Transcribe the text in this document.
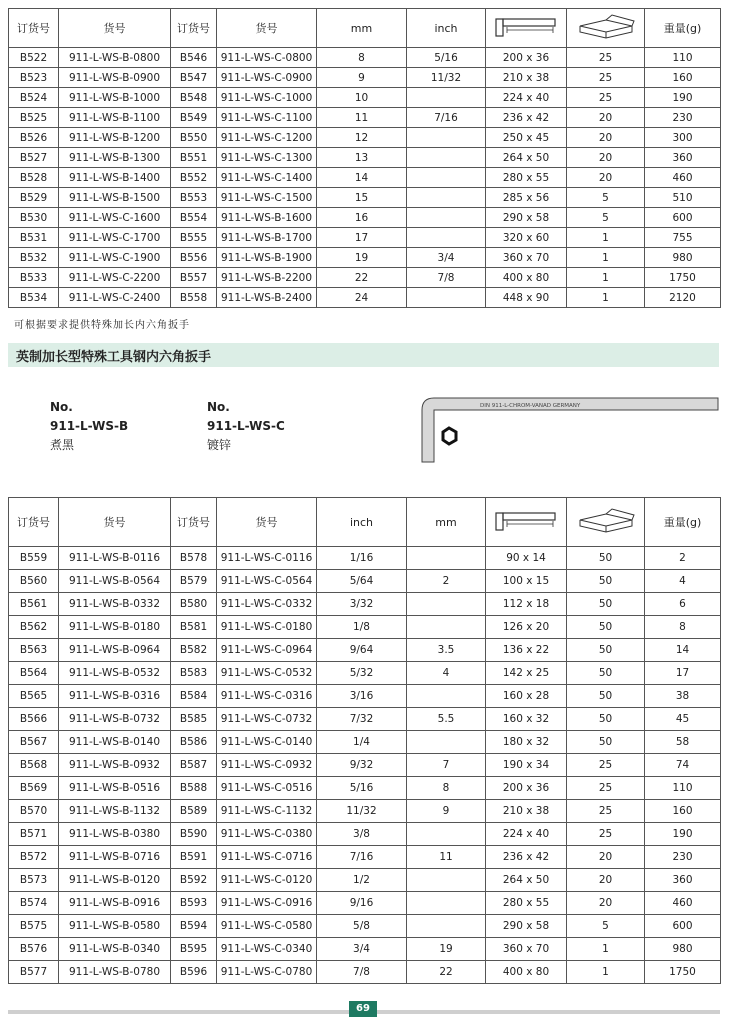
订货号	货号	订货号	货号	mm	inch			重量(g)
B522	911-L-WS-B-0800	B546	911-L-WS-C-0800	8	5/16	200 x 36	25	110
B523	911-L-WS-B-0900	B547	911-L-WS-C-0900	9	11/32	210 x 38	25	160
B524	911-L-WS-B-1000	B548	911-L-WS-C-1000	10		224 x 40	25	190
B525	911-L-WS-B-1100	B549	911-L-WS-C-1100	11	7/16	236 x 42	20	230
B526	911-L-WS-B-1200	B550	911-L-WS-C-1200	12		250 x 45	20	300
B527	911-L-WS-B-1300	B551	911-L-WS-C-1300	13		264 x 50	20	360
B528	911-L-WS-B-1400	B552	911-L-WS-C-1400	14		280 x 55	20	460
B529	911-L-WS-B-1500	B553	911-L-WS-C-1500	15		285 x 56	5	510
B530	911-L-WS-C-1600	B554	911-L-WS-B-1600	16		290 x 58	5	600
B531	911-L-WS-C-1700	B555	911-L-WS-B-1700	17		320 x 60	1	755
B532	911-L-WS-C-1900	B556	911-L-WS-B-1900	19	3/4	360 x 70	1	980
B533	911-L-WS-C-2200	B557	911-L-WS-B-2200	22	7/8	400 x 80	1	1750
B534	911-L-WS-C-2400	B558	911-L-WS-B-2400	24		448 x 90	1	2120
可根据要求提供特殊加长内六角扳手
英制加长型特殊工具钢内六角扳手
No.
911-L-WS-B
煮黑
No.
911-L-WS-C
镀锌
DIN 911-L-CHROM-VANAD GERMANY
订货号	货号	订货号	货号	inch	mm			重量(g)
B559	911-L-WS-B-0116	B578	911-L-WS-C-0116	1/16		90 x 14	50	2
B560	911-L-WS-B-0564	B579	911-L-WS-C-0564	5/64	2	100 x 15	50	4
B561	911-L-WS-B-0332	B580	911-L-WS-C-0332	3/32		112 x 18	50	6
B562	911-L-WS-B-0180	B581	911-L-WS-C-0180	1/8		126 x 20	50	8
B563	911-L-WS-B-0964	B582	911-L-WS-C-0964	9/64	3.5	136 x 22	50	14
B564	911-L-WS-B-0532	B583	911-L-WS-C-0532	5/32	4	142 x 25	50	17
B565	911-L-WS-B-0316	B584	911-L-WS-C-0316	3/16		160 x 28	50	38
B566	911-L-WS-B-0732	B585	911-L-WS-C-0732	7/32	5.5	160 x 32	50	45
B567	911-L-WS-B-0140	B586	911-L-WS-C-0140	1/4		180 x 32	50	58
B568	911-L-WS-B-0932	B587	911-L-WS-C-0932	9/32	7	190 x 34	25	74
B569	911-L-WS-B-0516	B588	911-L-WS-C-0516	5/16	8	200 x 36	25	110
B570	911-L-WS-B-1132	B589	911-L-WS-C-1132	11/32	9	210 x 38	25	160
B571	911-L-WS-B-0380	B590	911-L-WS-C-0380	3/8		224 x 40	25	190
B572	911-L-WS-B-0716	B591	911-L-WS-C-0716	7/16	11	236 x 42	20	230
B573	911-L-WS-B-0120	B592	911-L-WS-C-0120	1/2		264 x 50	20	360
B574	911-L-WS-B-0916	B593	911-L-WS-C-0916	9/16		280 x 55	20	460
B575	911-L-WS-B-0580	B594	911-L-WS-C-0580	5/8		290 x 58	5	600
B576	911-L-WS-B-0340	B595	911-L-WS-C-0340	3/4	19	360 x 70	1	980
B577	911-L-WS-B-0780	B596	911-L-WS-C-0780	7/8	22	400 x 80	1	1750
69
